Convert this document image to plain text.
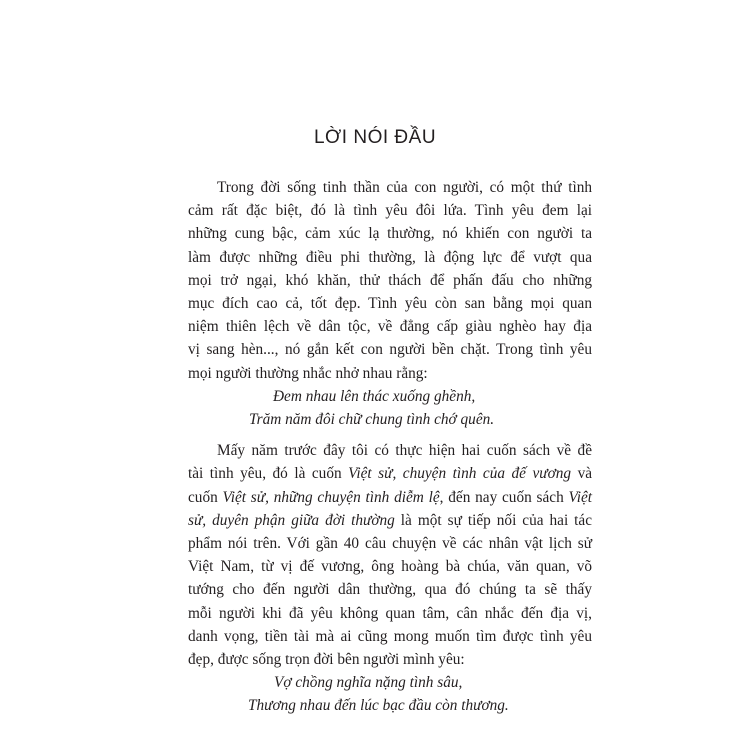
LỜI NÓI ĐẦU

Trong đời sống tinh thần của con người, có một thứ tình
cảm rất đặc biệt, đó là tình yêu đôi lứa. Tình yêu đem lại
những cung bậc, cảm xúc lạ thường, nó khiến con người ta
làm được những điều phi thường, là động lực để vượt qua
mọi trở ngại, khó khăn, thử thách để phấn đấu cho những
mục đích cao cả, tốt đẹp. Tình yêu còn san bằng mọi quan
niệm thiên lệch về dân tộc, về đẳng cấp giàu nghèo hay địa
vị sang hèn..., nó gắn kết con người bền chặt. Trong tình yêu
mọi người thường nhắc nhở nhau rằng:

Đem nhau lên thác xuống ghềnh,
Trăm năm đôi chữ chung tình chớ quên.

Mấy năm trước đây tôi có thực hiện hai cuốn sách về đề
tài tình yêu, đó là cuốn Việt sử, chuyện tình của đế vương và
cuốn Việt sử, những chuyện tình diễm lệ, đến nay cuốn sách Việt
sử, duyên phận giữa đời thường là một sự tiếp nối của hai tác
phẩm nói trên. Với gần 40 câu chuyện về các nhân vật lịch sử
Việt Nam, từ vị đế vương, ông hoàng bà chúa, văn quan, võ
tướng cho đến người dân thường, qua đó chúng ta sẽ thấy
mỗi người khi đã yêu không quan tâm, cân nhắc đến địa vị,
danh vọng, tiền tài mà ai cũng mong muốn tìm được tình yêu
đẹp, được sống trọn đời bên người mình yêu:

Vợ chồng nghĩa nặng tình sâu,
Thương nhau đến lúc bạc đầu còn thương.
